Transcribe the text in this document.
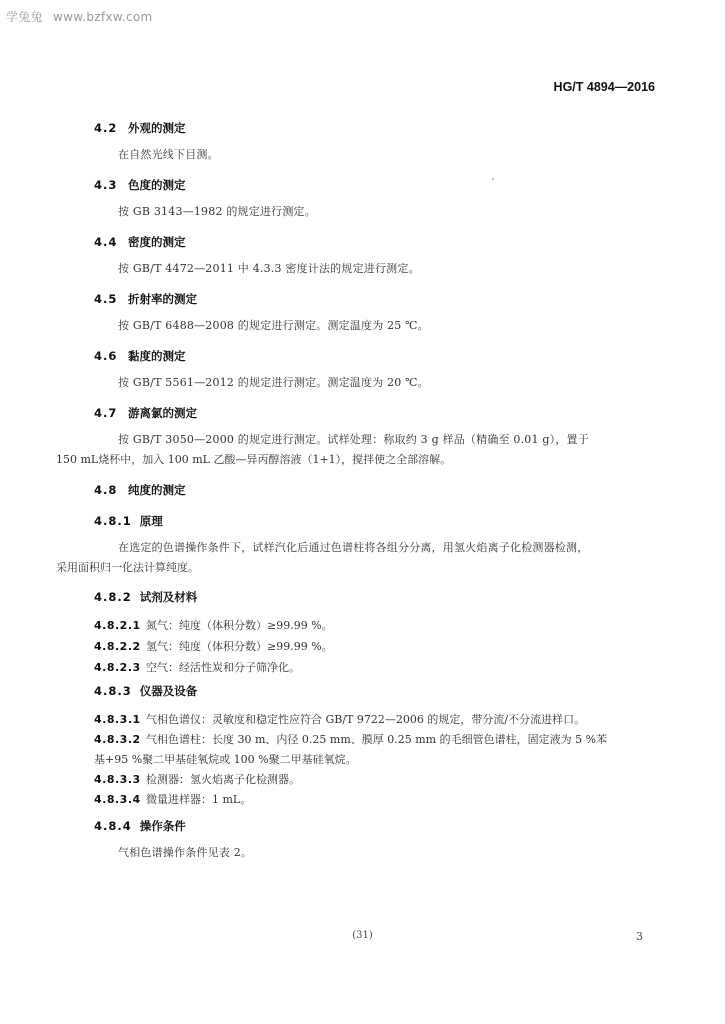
学兔兔 www.bzfxw.com
HG/T 4894—2016
4.2 外观的测定
在自然光线下目测。
4.3 色度的测定
按 GB 3143—1982 的规定进行测定。
4.4 密度的测定
按 GB/T 4472—2011 中 4.3.3 密度计法的规定进行测定。
4.5 折射率的测定
按 GB/T 6488—2008 的规定进行测定。测定温度为 25 ℃。
4.6 黏度的测定
按 GB/T 5561—2012 的规定进行测定。测定温度为 20 ℃。
4.7 游离氯的测定
按 GB/T 3050—2000 的规定进行测定。试样处理：称取约 3 g 样品（精确至 0.01 g），置于
150 mL烧杯中，加入 100 mL 乙酸—异丙醇溶液（1+1），搅拌使之全部溶解。
4.8 纯度的测定
4.8.1 原理
在选定的色谱操作条件下，试样汽化后通过色谱柱将各组分分离，用氢火焰离子化检测器检测，
采用面积归一化法计算纯度。
4.8.2 试剂及材料
4.8.2.1 氮气：纯度（体积分数）≥99.99 %。
4.8.2.2 氢气：纯度（体积分数）≥99.99 %。
4.8.2.3 空气：经活性炭和分子筛净化。
4.8.3 仪器及设备
4.8.3.1 气相色谱仪：灵敏度和稳定性应符合 GB/T 9722—2006 的规定，带分流/不分流进样口。
4.8.3.2 气相色谱柱：长度 30 m、内径 0.25 mm、膜厚 0.25 mm 的毛细管色谱柱，固定液为 5 %苯
基+95 %聚二甲基硅氧烷或 100 %聚二甲基硅氧烷。
4.8.3.3 检测器：氢火焰离子化检测器。
4.8.3.4 微量进样器：1 mL。
4.8.4 操作条件
气相色谱操作条件见表 2。
(31)	3
